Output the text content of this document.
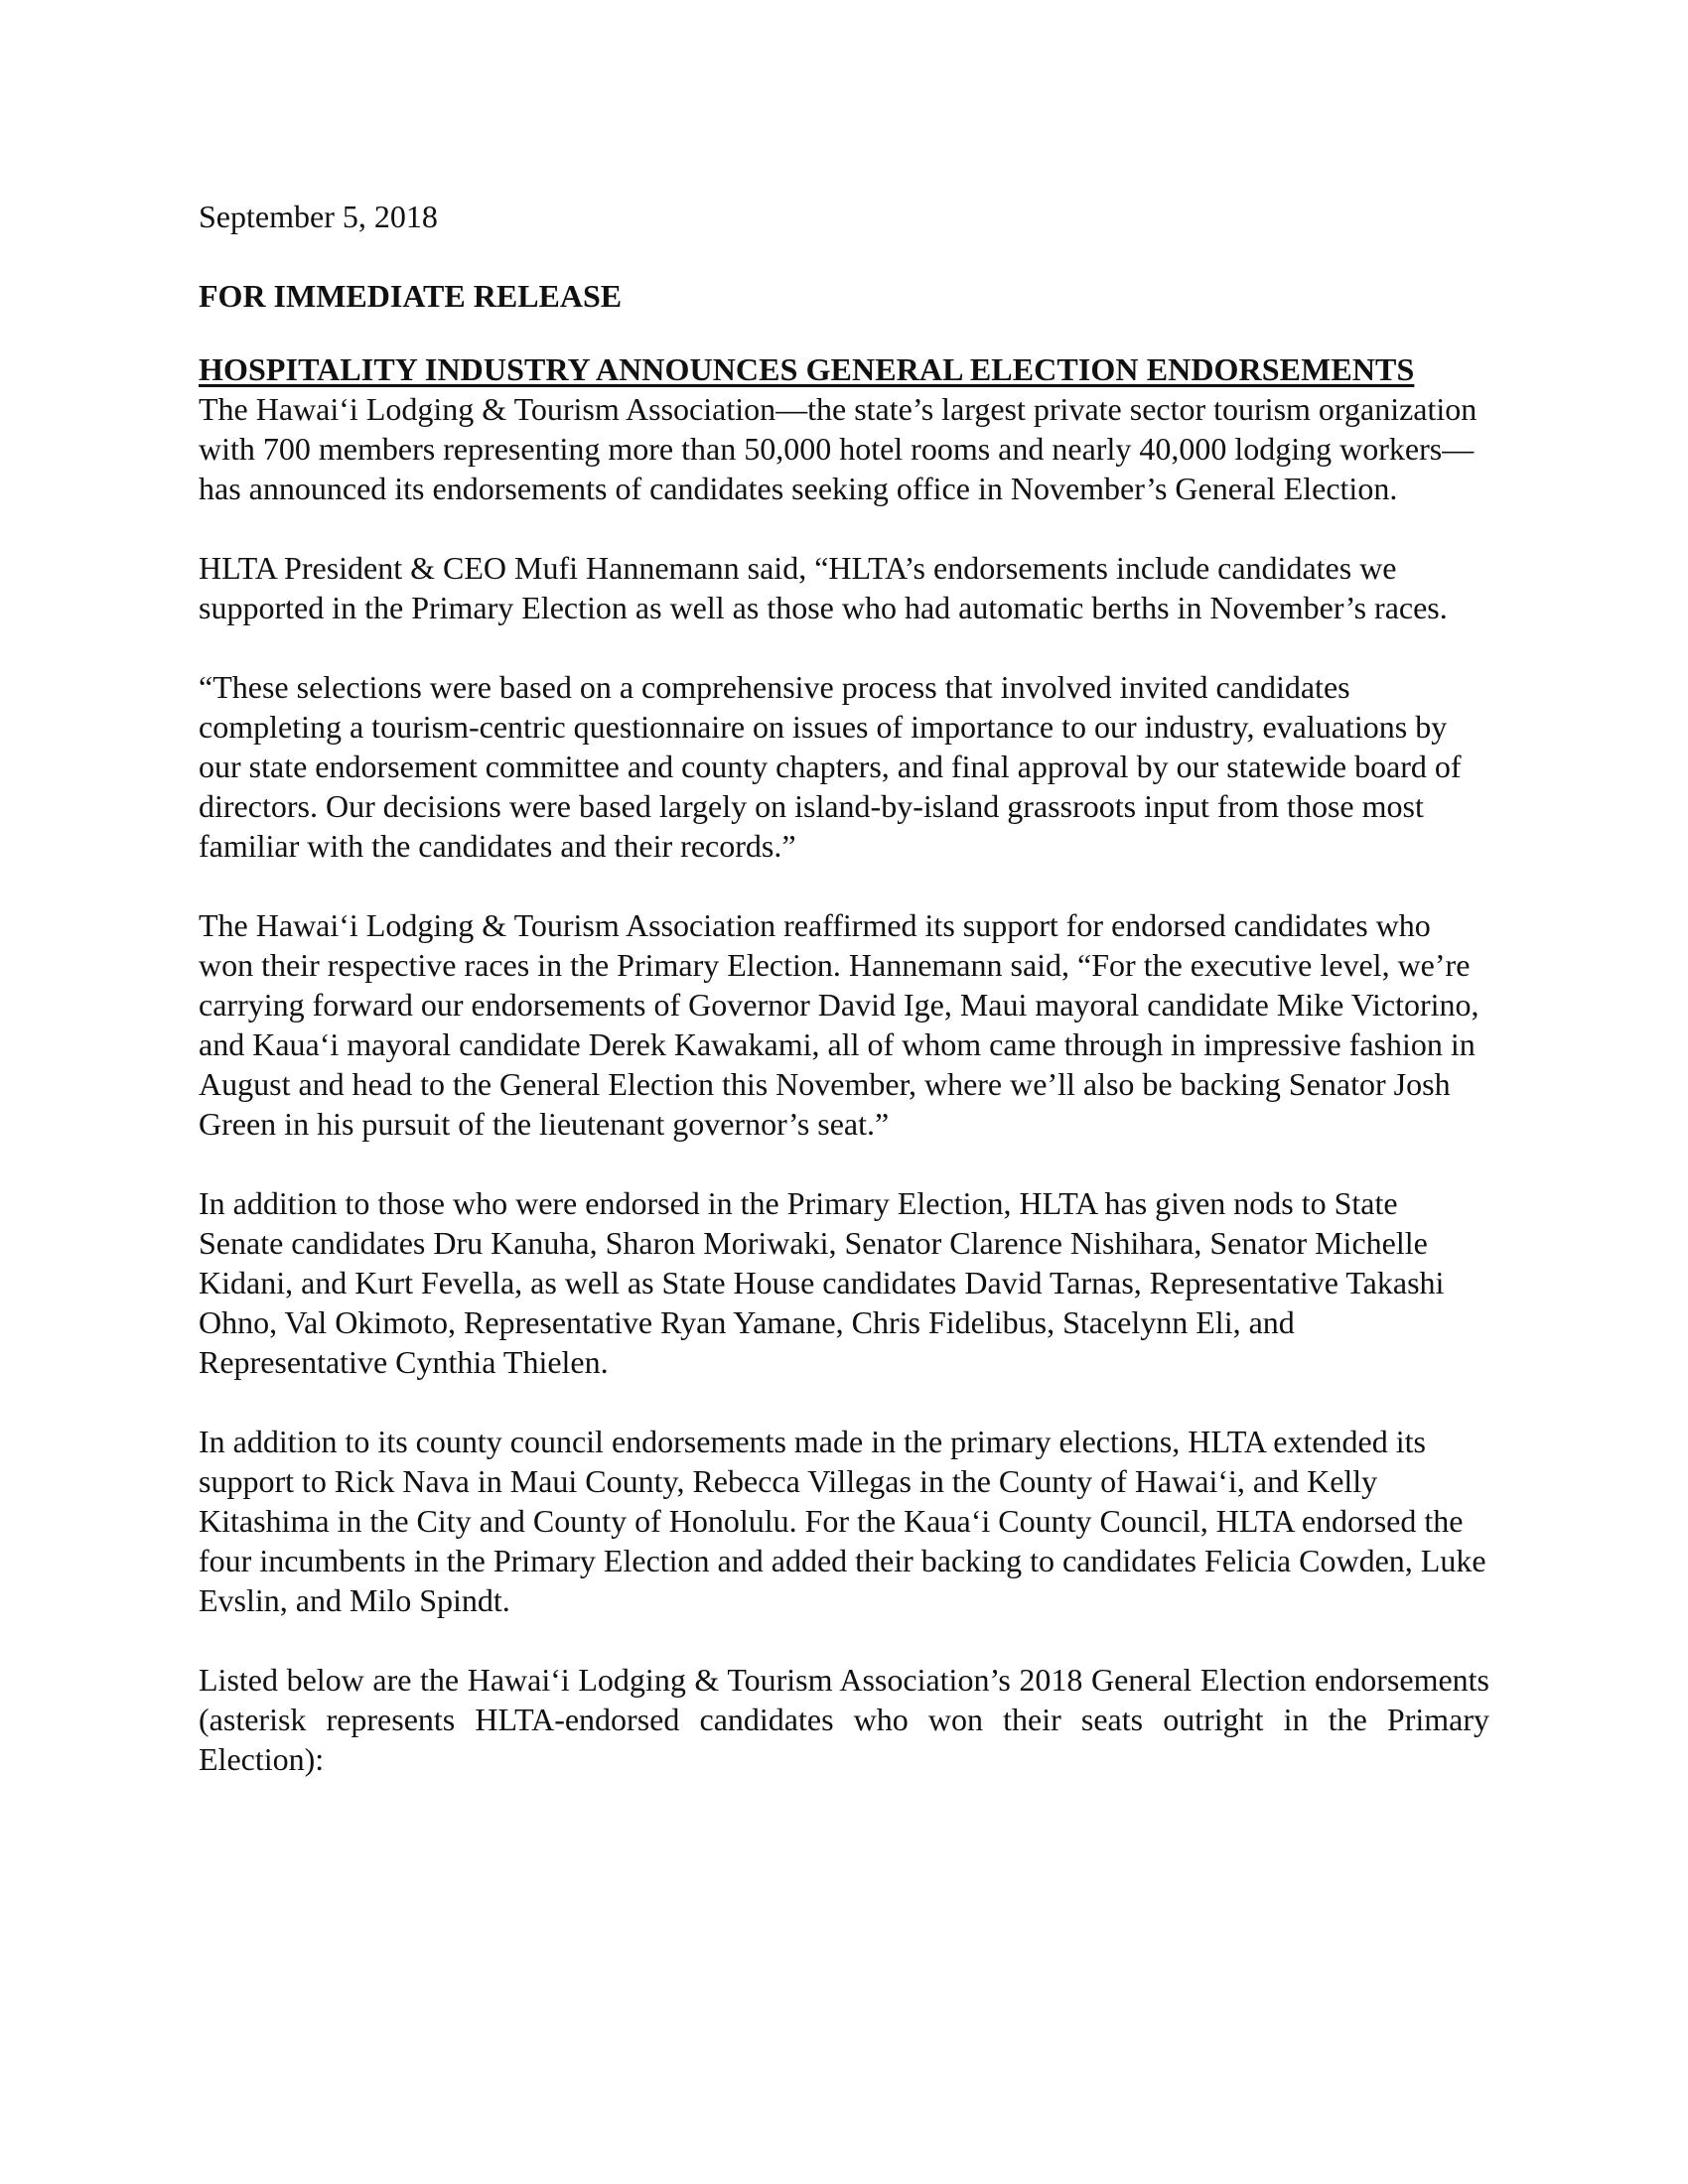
September 5, 2018

FOR IMMEDIATE RELEASE

HOSPITALITY INDUSTRY ANNOUNCES GENERAL ELECTION ENDORSEMENTS

The Hawai‘i Lodging & Tourism Association—the state’s largest private sector tourism organization with 700 members representing more than 50,000 hotel rooms and nearly 40,000 lodging workers—has announced its endorsements of candidates seeking office in November’s General Election.

HLTA President & CEO Mufi Hannemann said, “HLTA’s endorsements include candidates we supported in the Primary Election as well as those who had automatic berths in November’s races.

“These selections were based on a comprehensive process that involved invited candidates completing a tourism-centric questionnaire on issues of importance to our industry, evaluations by our state endorsement committee and county chapters, and final approval by our statewide board of directors. Our decisions were based largely on island-by-island grassroots input from those most familiar with the candidates and their records.”

The Hawai‘i Lodging & Tourism Association reaffirmed its support for endorsed candidates who won their respective races in the Primary Election. Hannemann said, “For the executive level, we’re carrying forward our endorsements of Governor David Ige, Maui mayoral candidate Mike Victorino, and Kaua‘i mayoral candidate Derek Kawakami, all of whom came through in impressive fashion in August and head to the General Election this November, where we’ll also be backing Senator Josh Green in his pursuit of the lieutenant governor’s seat.”

In addition to those who were endorsed in the Primary Election, HLTA has given nods to State Senate candidates Dru Kanuha, Sharon Moriwaki, Senator Clarence Nishihara, Senator Michelle Kidani, and Kurt Fevella, as well as State House candidates David Tarnas, Representative Takashi Ohno, Val Okimoto, Representative Ryan Yamane, Chris Fidelibus, Stacelynn Eli, and Representative Cynthia Thielen.

In addition to its county council endorsements made in the primary elections, HLTA extended its support to Rick Nava in Maui County, Rebecca Villegas in the County of Hawai‘i, and Kelly Kitashima in the City and County of Honolulu. For the Kaua‘i County Council, HLTA endorsed the four incumbents in the Primary Election and added their backing to candidates Felicia Cowden, Luke Evslin, and Milo Spindt.

Listed below are the Hawai‘i Lodging & Tourism Association’s 2018 General Election endorsements (asterisk represents HLTA-endorsed candidates who won their seats outright in the Primary Election):
